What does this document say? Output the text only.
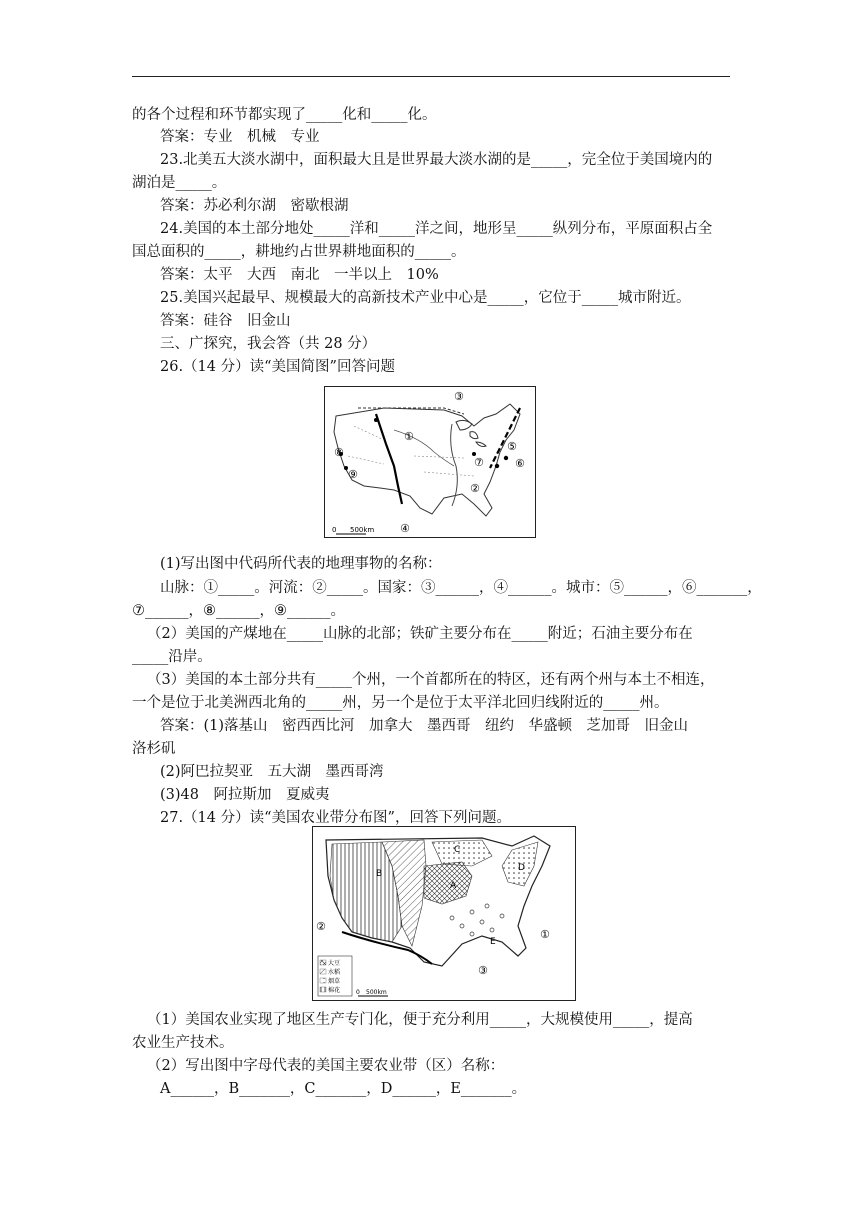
的各个过程和环节都实现了_____化和_____化。
答案：专业　机械　专业
23.北美五大淡水湖中，面积最大且是世界最大淡水湖的是_____，完全位于美国境内的
湖泊是_____。
答案：苏必利尔湖　密歇根湖
24.美国的本土部分地处_____洋和_____洋之间，地形呈_____纵列分布，平原面积占全
国总面积的_____，耕地约占世界耕地面积的_____。
答案：太平　大西　南北　一半以上　10%
25.美国兴起最早、规模最大的高新技术产业中心是_____，它位于_____城市附近。
答案：硅谷　旧金山
三、广探究，我会答（共 28 分）
26.（14 分）读“美国简图”回答问题
③
①
②
④
⑤
⑥
⑦
⑧
⑨
0 500km
(1)写出图中代码所代表的地理事物的名称：
山脉：①_____。河流：②_____。国家：③______，④______。城市：⑤______，⑥_______，
⑦______，⑧______，⑨______。
（2）美国的产煤地在_____山脉的北部；铁矿主要分布在_____附近；石油主要分布在
_____沿岸。
（3）美国的本土部分共有_____个州，一个首都所在的特区，还有两个州与本土不相连，
一个是位于北美洲西北角的_____州，另一个是位于太平洋北回归线附近的_____州。
答案：(1)落基山　密西西比河　加拿大　墨西哥　纽约　华盛顿　芝加哥　旧金山
洛杉矶
(2)阿巴拉契亚　五大湖　墨西哥湾
(3)48　阿拉斯加　夏威夷
27.（14 分）读“美国农业带分布图”，回答下列问题。
A
B
C
D
E
①
②
③
大豆
水稻
烟草
棉花	0 500km
（1）美国农业实现了地区生产专门化，便于充分利用_____，大规模使用_____，提高
农业生产技术。
（2）写出图中字母代表的美国主要农业带（区）名称：
A______，B_______，C_______，D______，E_______。
